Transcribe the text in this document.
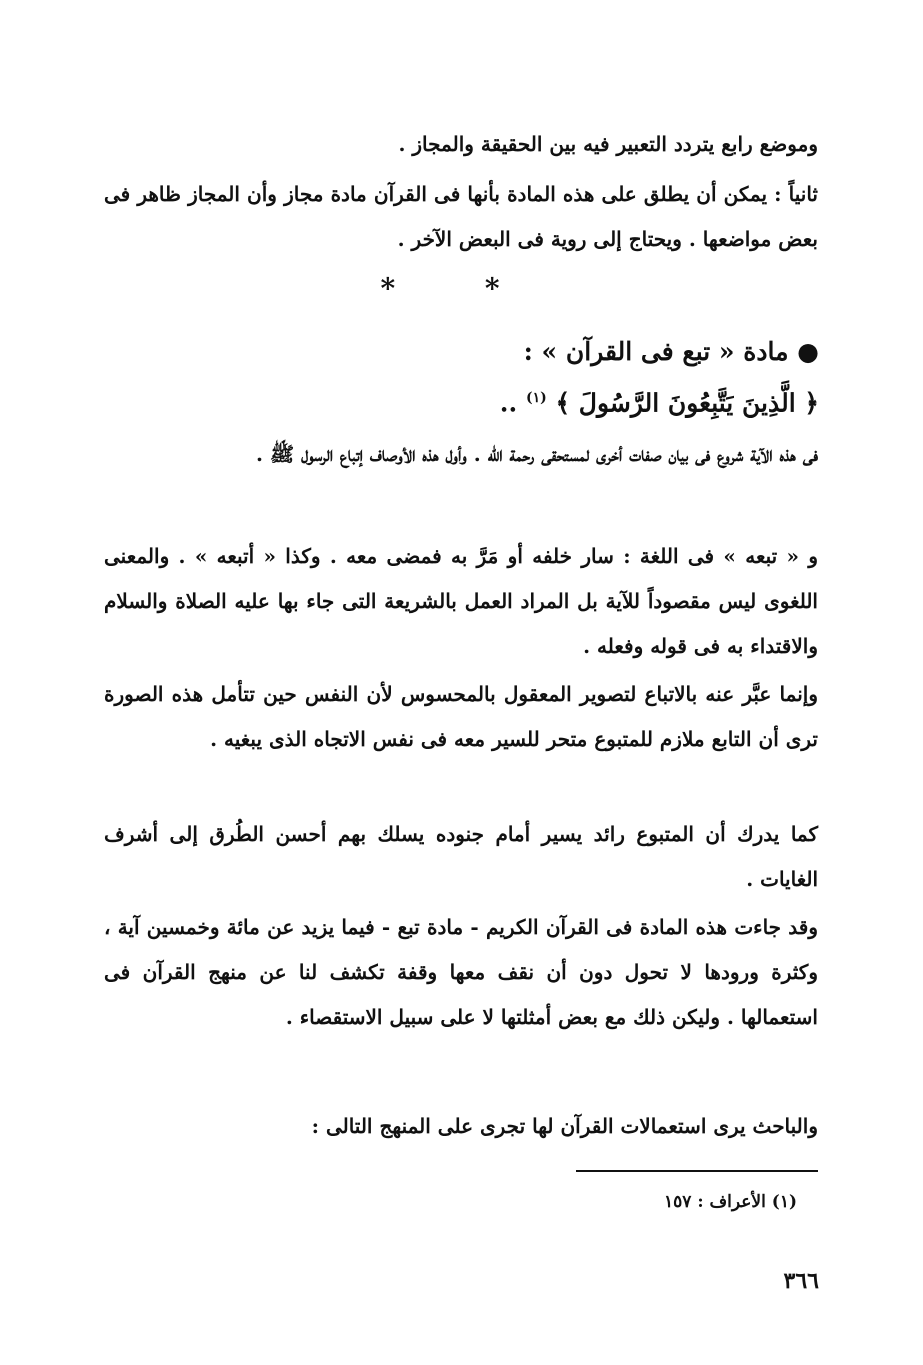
وموضع رابع يتردد التعبير فيه بين الحقيقة والمجاز .

ثانياً : يمكن أن يطلق على هذه المادة بأنها فى القرآن مادة مجاز وأن المجاز ظاهر فى بعض مواضعها . ويحتاج إلى روية فى البعض الآخر .

* *
● مادة « تبع فى القرآن » :
﴿ الَّذِينَ يَتَّبِعُونَ الرَّسُولَ ﴾ $^{(١)}$ ..

فى هذه الآية شروع فى بيان صفات أخرى لمستحقى رحمة الله . وأول هذه الأوصاف إتباع الرسول ﷺ .

و « تبعه » فى اللغة : سار خلفه أو مَرَّ به فمضى معه . وكذا « أتبعه » . والمعنى اللغوى ليس مقصوداً للآية بل المراد العمل بالشريعة التى جاء بها عليه الصلاة والسلام والاقتداء به فى قوله وفعله .

وإنما عبَّر عنه بالاتباع لتصوير المعقول بالمحسوس لأن النفس حين تتأمل هذه الصورة ترى أن التابع ملازم للمتبوع متحر للسير معه فى نفس الاتجاه الذى يبغيه .

كما يدرك أن المتبوع رائد يسير أمام جنوده يسلك بهم أحسن الطُرق إلى أشرف الغايات .

وقد جاءت هذه المادة فى القرآن الكريم - مادة تبع - فيما يزيد عن مائة وخمسين آية ، وكثرة ورودها لا تحول دون أن نقف معها وقفة تكشف لنا عن منهج القرآن فى استعمالها . وليكن ذلك مع بعض أمثلتها لا على سبيل الاستقصاء .

والباحث يرى استعمالات القرآن لها تجرى على المنهج التالى :

(١) الأعراف : ١٥٧
٣٦٦
